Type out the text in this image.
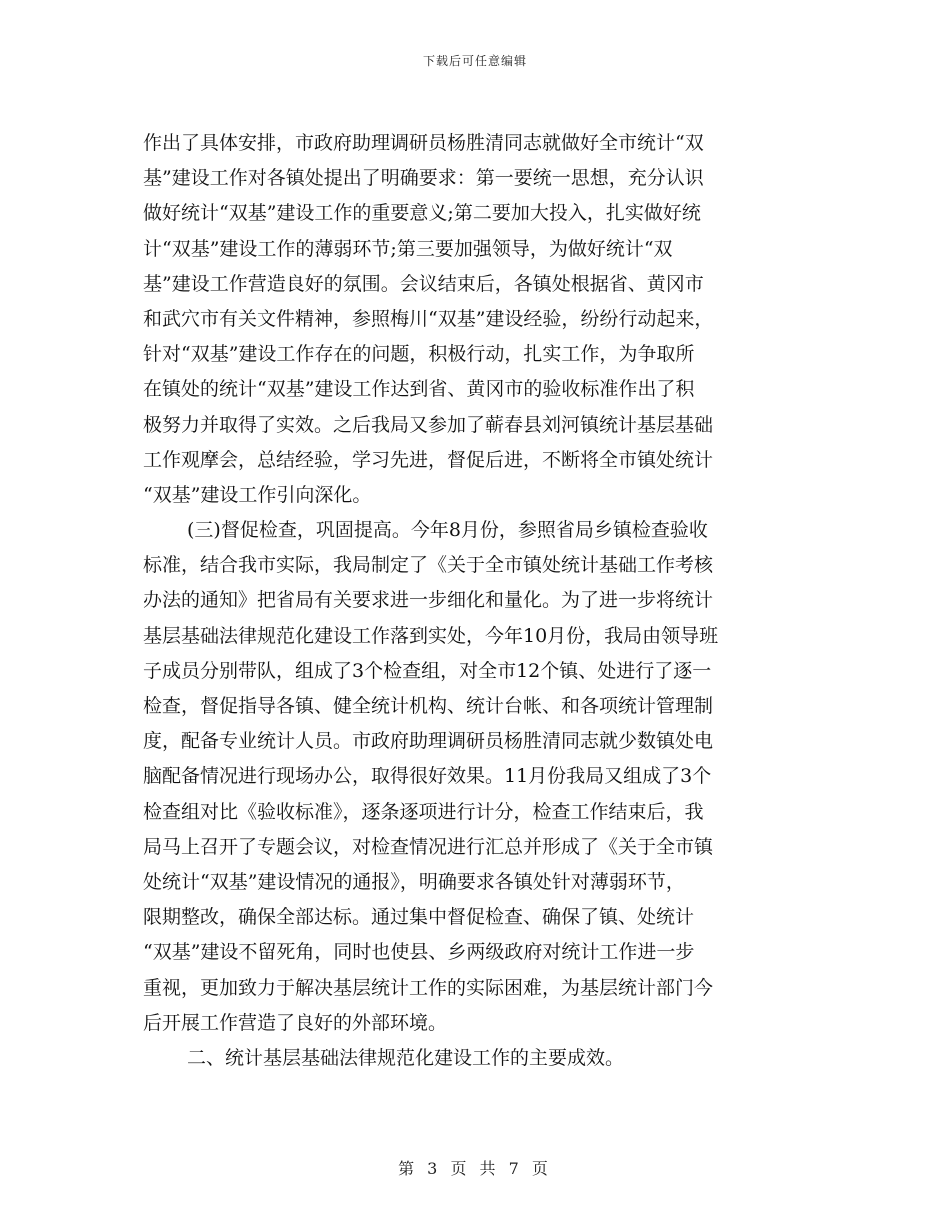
下载后可任意编辑
作出了具体安排，市政府助理调研员杨胜清同志就做好全市统计“双
基”建设工作对各镇处提出了明确要求：第一要统一思想，充分认识
做好统计“双基”建设工作的重要意义;第二要加大投入，扎实做好统
计“双基”建设工作的薄弱环节;第三要加强领导，为做好统计“双
基”建设工作营造良好的氛围。会议结束后，各镇处根据省、黄冈市
和武穴市有关文件精神，参照梅川“双基”建设经验，纷纷行动起来，
针对“双基”建设工作存在的问题，积极行动，扎实工作，为争取所
在镇处的统计“双基”建设工作达到省、黄冈市的验收标准作出了积
极努力并取得了实效。之后我局又参加了蕲春县刘河镇统计基层基础
工作观摩会，总结经验，学习先进，督促后进，不断将全市镇处统计
“双基”建设工作引向深化。
(三)督促检查，巩固提高。今年8月份，参照省局乡镇检查验收
标准，结合我市实际，我局制定了《关于全市镇处统计基础工作考核
办法的通知》把省局有关要求进一步细化和量化。为了进一步将统计
基层基础法律规范化建设工作落到实处，今年10月份，我局由领导班
子成员分别带队，组成了3个检查组，对全市12个镇、处进行了逐一
检查，督促指导各镇、健全统计机构、统计台帐、和各项统计管理制
度，配备专业统计人员。市政府助理调研员杨胜清同志就少数镇处电
脑配备情况进行现场办公，取得很好效果。11月份我局又组成了3个
检查组对比《验收标准》，逐条逐项进行计分，检查工作结束后，我
局马上召开了专题会议，对检查情况进行汇总并形成了《关于全市镇
处统计“双基”建设情况的通报》，明确要求各镇处针对薄弱环节，
限期整改，确保全部达标。通过集中督促检查、确保了镇、处统计
“双基”建设不留死角，同时也使县、乡两级政府对统计工作进一步
重视，更加致力于解决基层统计工作的实际困难，为基层统计部门今
后开展工作营造了良好的外部环境。
二、统计基层基础法律规范化建设工作的主要成效。
第 3 页 共 7 页
